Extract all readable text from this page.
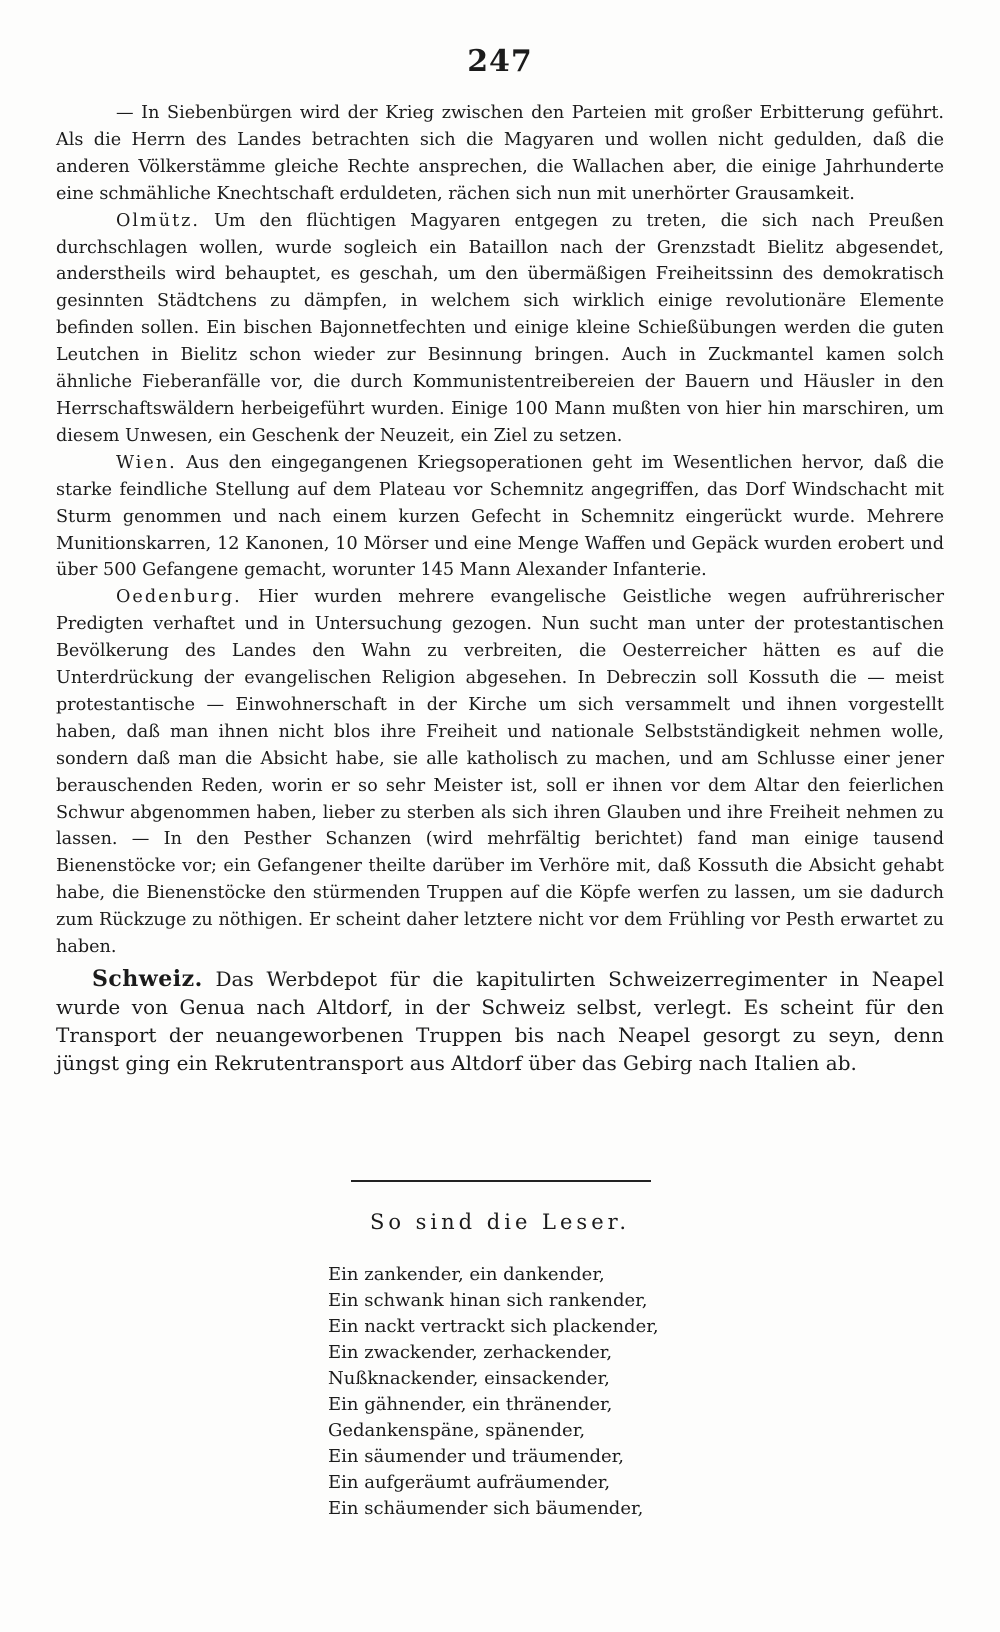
247

— In Siebenbürgen wird der Krieg zwischen den Parteien mit großer Erbitterung geführt. Als die Herrn des Landes betrachten sich die Magyaren und wollen nicht gedulden, daß die anderen Völkerstämme gleiche Rechte ansprechen, die Wallachen aber, die einige Jahrhunderte eine schmähliche Knechtschaft erduldeten, rächen sich nun mit unerhörter Grausamkeit.

Olmütz. Um den flüchtigen Magyaren entgegen zu treten, die sich nach Preußen durchschlagen wollen, wurde sogleich ein Bataillon nach der Grenzstadt Bielitz abgesendet, anderstheils wird behauptet, es geschah, um den übermäßigen Freiheitssinn des demokratisch gesinnten Städtchens zu dämpfen, in welchem sich wirklich einige revolutionäre Elemente befinden sollen. Ein bischen Bajonnetfechten und einige kleine Schießübungen werden die guten Leutchen in Bielitz schon wieder zur Besinnung bringen. Auch in Zuckmantel kamen solch ähnliche Fieberanfälle vor, die durch Kommunistentreibereien der Bauern und Häusler in den Herrschaftswäldern herbeigeführt wurden. Einige 100 Mann mußten von hier hin marschiren, um diesem Unwesen, ein Geschenk der Neuzeit, ein Ziel zu setzen.

Wien. Aus den eingegangenen Kriegsoperationen geht im Wesentlichen hervor, daß die starke feindliche Stellung auf dem Plateau vor Schemnitz angegriffen, das Dorf Windschacht mit Sturm genommen und nach einem kurzen Gefecht in Schemnitz eingerückt wurde. Mehrere Munitionskarren, 12 Kanonen, 10 Mörser und eine Menge Waffen und Gepäck wurden erobert und über 500 Gefangene gemacht, worunter 145 Mann Alexander Infanterie.

Oedenburg. Hier wurden mehrere evangelische Geistliche wegen aufrührerischer Predigten verhaftet und in Untersuchung gezogen. Nun sucht man unter der protestantischen Bevölkerung des Landes den Wahn zu verbreiten, die Oesterreicher hätten es auf die Unterdrückung der evangelischen Religion abgesehen. In Debreczin soll Kossuth die — meist protestantische — Einwohnerschaft in der Kirche um sich versammelt und ihnen vorgestellt haben, daß man ihnen nicht blos ihre Freiheit und nationale Selbstständigkeit nehmen wolle, sondern daß man die Absicht habe, sie alle katholisch zu machen, und am Schlusse einer jener berauschenden Reden, worin er so sehr Meister ist, soll er ihnen vor dem Altar den feierlichen Schwur abgenommen haben, lieber zu sterben als sich ihren Glauben und ihre Freiheit nehmen zu lassen. — In den Pesther Schanzen (wird mehrfältig berichtet) fand man einige tausend Bienenstöcke vor; ein Gefangener theilte darüber im Verhöre mit, daß Kossuth die Absicht gehabt habe, die Bienenstöcke den stürmenden Truppen auf die Köpfe werfen zu lassen, um sie dadurch zum Rückzuge zu nöthigen. Er scheint daher letztere nicht vor dem Frühling vor Pesth erwartet zu haben.

Schweiz. Das Werbdepot für die kapitulirten Schweizerregimenter in Neapel wurde von Genua nach Altdorf, in der Schweiz selbst, verlegt. Es scheint für den Transport der neuangeworbenen Truppen bis nach Neapel gesorgt zu seyn, denn jüngst ging ein Rekrutentransport aus Altdorf über das Gebirg nach Italien ab.

So sind die Leser.
Ein zankender, ein dankender,
Ein schwank hinan sich rankender,
Ein nackt vertrackt sich plackender,
Ein zwackender, zerhackender,
Nußknackender, einsackender,
Ein gähnender, ein thränender,
Gedankenspäne, spänender,
Ein säumender und träumender,
Ein aufgeräumt aufräumender,
Ein schäumender sich bäumender,
